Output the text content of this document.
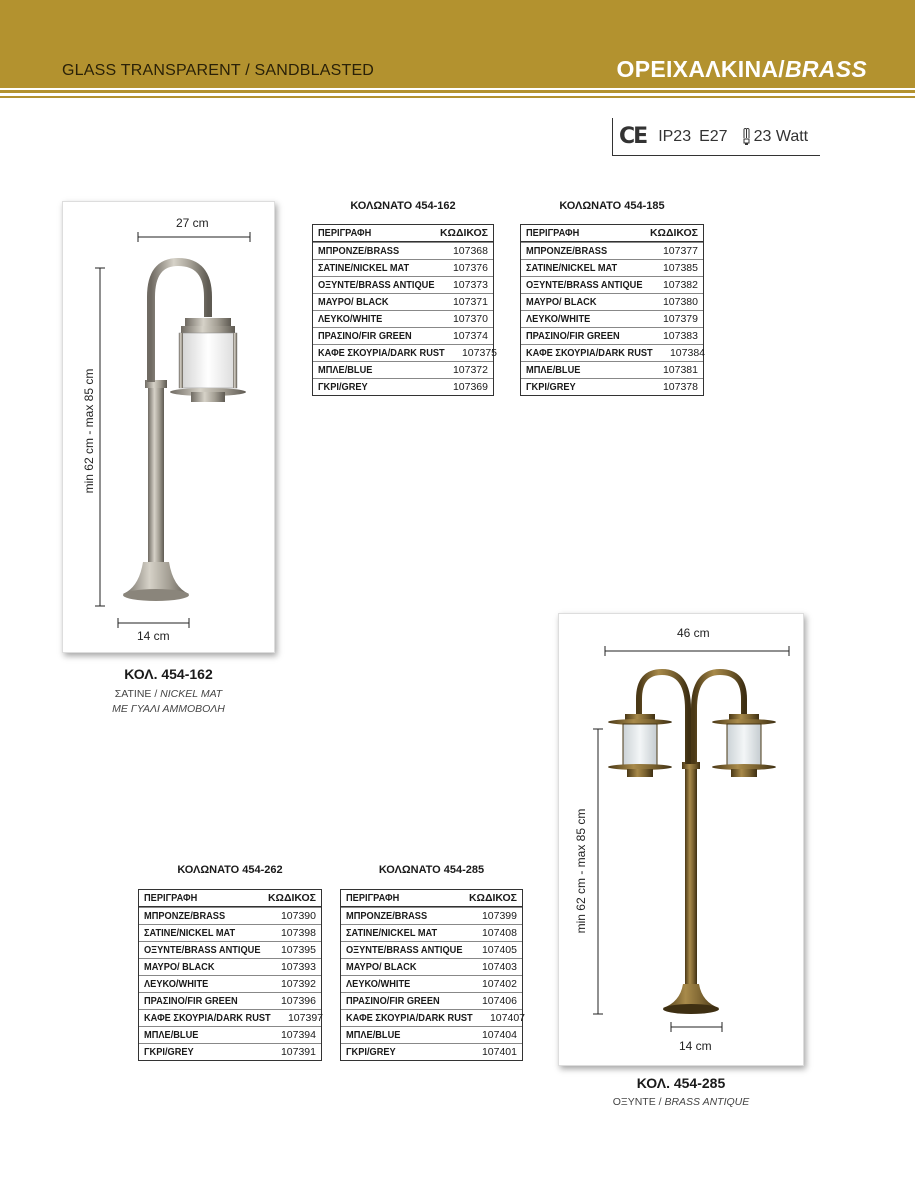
GLASS TRANSPARENT / SANDBLASTED	ΟΡΕΙΧΑΛΚΙΝΑ/BRASS
CE IP23 E27 23 Watt
27 cm
min 62 cm - max 85 cm
14 cm
ΚΟΛ. 454-162
ΣΑΤΙΝΕ / NICKEL MAT
ΜΕ ΓΥΑΛΙ ΑΜΜΟΒΟΛΗ
46 cm
min 62 cm - max 85 cm
14 cm
ΚΟΛ. 454-285
ΟΞΥΝΤΕ / BRASS ANTIQUE
ΚΟΛΩΝΑΤΟ 454-162
ΠΕΡΙΓΡΑΦΗ	ΚΩΔΙΚΟΣ
ΜΠΡΟΝΖΕ/BRASS	107368
ΣΑΤΙΝΕ/NICKEL MAT	107376
ΟΞΥΝΤΕ/BRASS ANTIQUE 107373
ΜΑΥΡΟ/ BLACK	107371
ΛΕΥΚΟ/WHITE	107370
ΠΡΑΣΙΝΟ/FIR GREEN	107374
ΚΑΦΕ ΣΚΟΥΡΙΑ/DARK RUST 107375
ΜΠΛΕ/BLUE	107372
ΓΚΡΙ/GREY	107369
ΚΟΛΩΝΑΤΟ 454-185
ΠΕΡΙΓΡΑΦΗ	ΚΩΔΙΚΟΣ
ΜΠΡΟΝΖΕ/BRASS	107377
ΣΑΤΙΝΕ/NICKEL MAT	107385
ΟΞΥΝΤΕ/BRASS ANTIQUE 107382
ΜΑΥΡΟ/ BLACK	107380
ΛΕΥΚΟ/WHITE	107379
ΠΡΑΣΙΝΟ/FIR GREEN	107383
ΚΑΦΕ ΣΚΟΥΡΙΑ/DARK RUST 107384
ΜΠΛΕ/BLUE	107381
ΓΚΡΙ/GREY	107378
ΚΟΛΩΝΑΤΟ 454-262
ΠΕΡΙΓΡΑΦΗ	ΚΩΔΙΚΟΣ
ΜΠΡΟΝΖΕ/BRASS	107390
ΣΑΤΙΝΕ/NICKEL MAT	107398
ΟΞΥΝΤΕ/BRASS ANTIQUE 107395
ΜΑΥΡΟ/ BLACK	107393
ΛΕΥΚΟ/WHITE	107392
ΠΡΑΣΙΝΟ/FIR GREEN	107396
ΚΑΦΕ ΣΚΟΥΡΙΑ/DARK RUST 107397
ΜΠΛΕ/BLUE	107394
ΓΚΡΙ/GREY	107391
ΚΟΛΩΝΑΤΟ 454-285
ΠΕΡΙΓΡΑΦΗ	ΚΩΔΙΚΟΣ
ΜΠΡΟΝΖΕ/BRASS	107399
ΣΑΤΙΝΕ/NICKEL MAT	107408
ΟΞΥΝΤΕ/BRASS ANTIQUE 107405
ΜΑΥΡΟ/ BLACK	107403
ΛΕΥΚΟ/WHITE	107402
ΠΡΑΣΙΝΟ/FIR GREEN	107406
ΚΑΦΕ ΣΚΟΥΡΙΑ/DARK RUST 107407
ΜΠΛΕ/BLUE	107404
ΓΚΡΙ/GREY	107401
